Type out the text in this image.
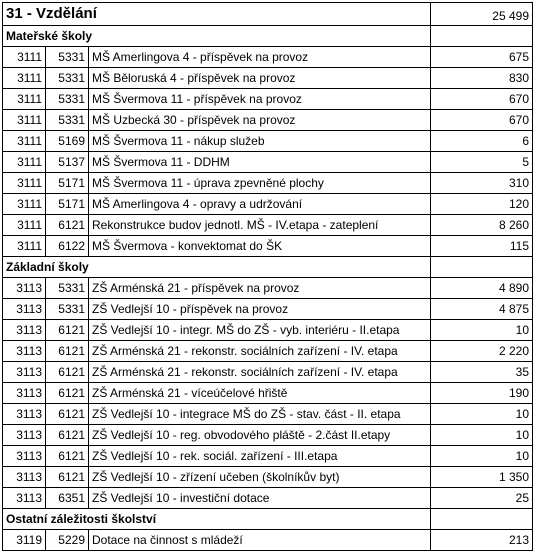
31 - Vzdělání			25 499
Mateřské školy			
3111	5331	MŠ Amerlingova 4 - příspěvek na provoz	675
3111	5331	MŠ Běloruská 4 - příspěvek na provoz	830
3111	5331	MŠ Švermova 11 - příspěvek na provoz	670
3111	5331	MŠ Uzbecká 30 - příspěvek na provoz	670
3111	5169	MŠ Švermova 11 - nákup služeb	6
3111	5137	MŠ Švermova 11 - DDHM	5
3111	5171	MŠ Švermova 11 - úprava zpevněné plochy	310
3111	5171	MŠ Amerlingova 4 - opravy a udržování	120
3111	6121	Rekonstrukce budov jednotl. MŠ - IV.etapa - zateplení	8 260
3111	6122	MŠ Švermova - konvektomat do ŠK	115
Základní školy			
3113	5331	ZŠ Arménská 21 - příspěvek na provoz	4 890
3113	5331	ZŠ Vedlejší 10 - příspěvek na provoz	4 875
3113	6121	ZŠ Vedlejší 10 - integr. MŠ do ZŠ - vyb. interiéru - II.etapa	10
3113	6121	ZŠ Arménská 21 - rekonstr. sociálních zařízení - IV. etapa	2 220
3113	6121	ZŠ Arménská 21 - rekonstr. sociálních zařízení - IV. etapa	35
3113	6121	ZŠ Arménská 21 - víceúčelové hřiště	190
3113	6121	ZŠ Vedlejší 10 - integrace MŠ do ZŠ - stav. část - II. etapa	10
3113	6121	ZŠ Vedlejší 10 - reg. obvodového pláště - 2.část II.etapy	10
3113	6121	ZŠ Vedlejší 10 - rek. sociál. zařízení - III.etapa	10
3113	6121	ZŠ Vedlejší 10 - zřízení učeben (školníkův byt)	1 350
3113	6351	ZŠ Vedlejší 10 - investiční dotace	25
Ostatní záležitosti školství			
3119	5229	Dotace na činnost s mládeží	213
